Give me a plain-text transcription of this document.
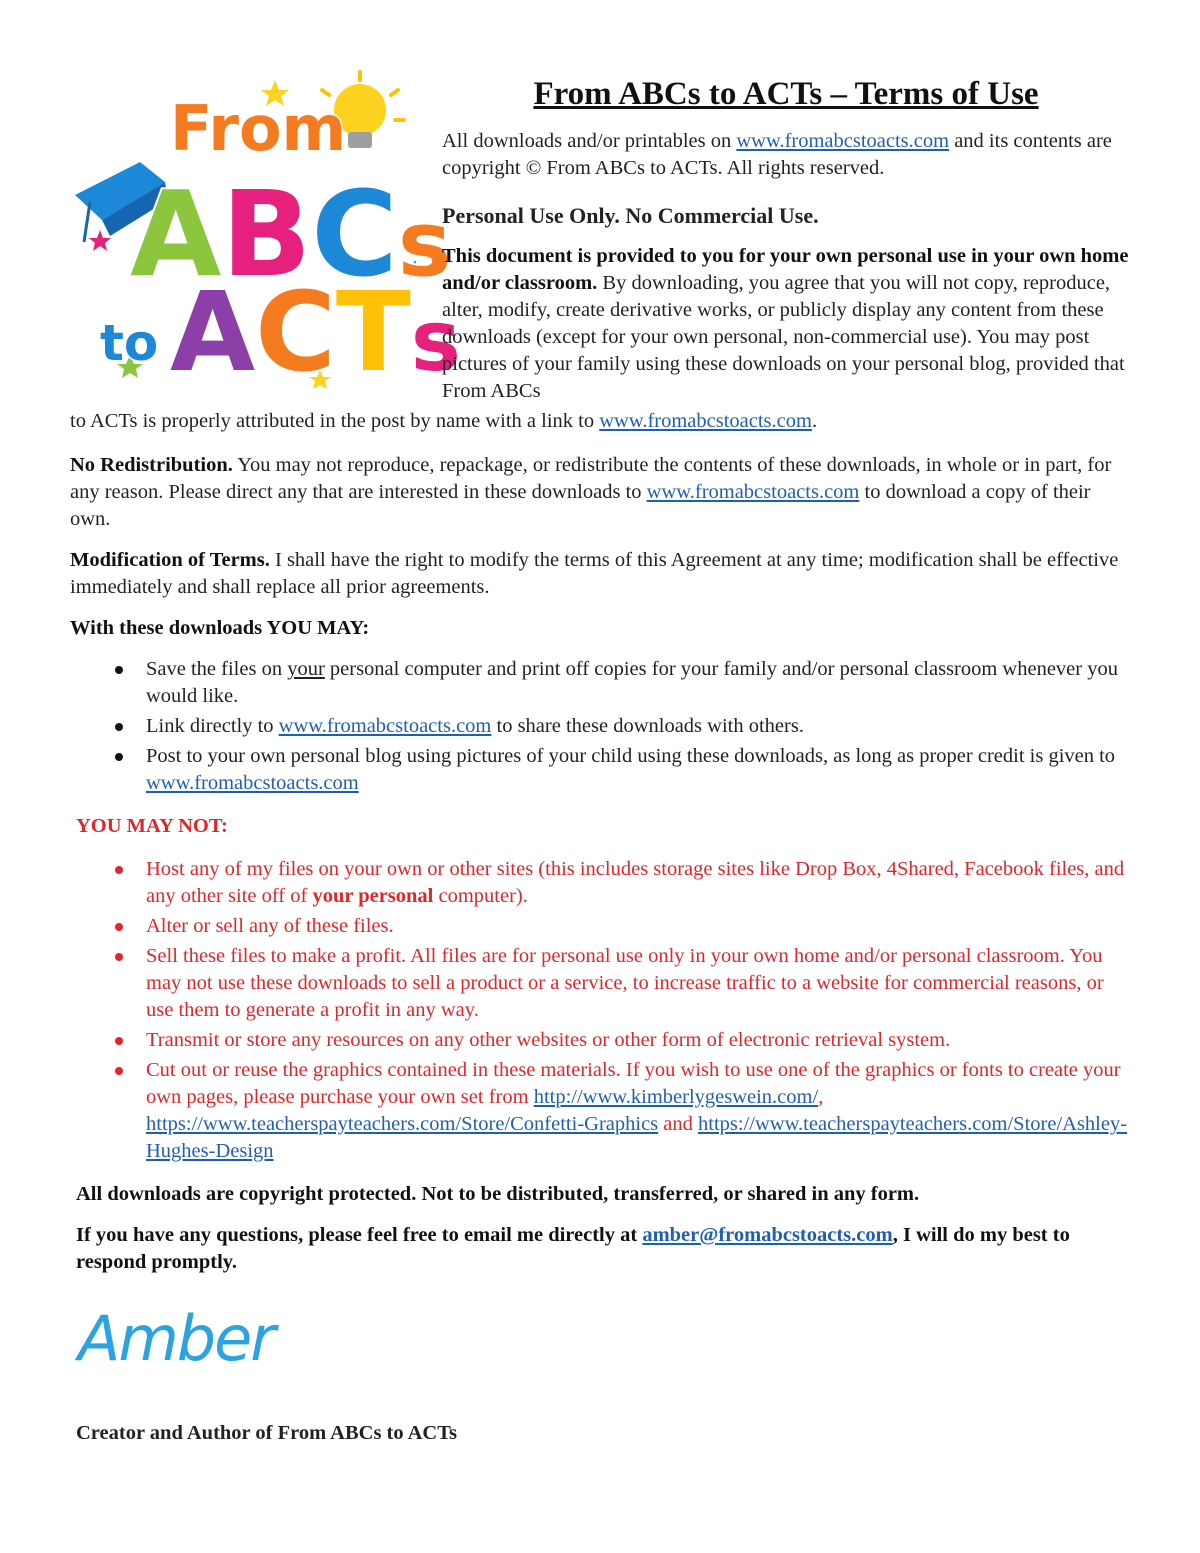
From
ABCs
to ACTs
From ABCs to ACTs – Terms of Use

All downloads and/or printables on www.fromabcstoacts.com and its contents are copyright © From ABCs to ACTs. All rights reserved.

Personal Use Only. No Commercial Use.

This document is provided to you for your own personal use in your own home and/or classroom. By downloading, you agree that you will not copy, reproduce, alter, modify, create derivative works, or publicly display any content from these downloads (except for your own personal, non-commercial use). You may post pictures of your family using these downloads on your personal blog, provided that From ABCs

to ACTs is properly attributed in the post by name with a link to www.fromabcstoacts.com.

No Redistribution. You may not reproduce, repackage, or redistribute the contents of these downloads, in whole or in part, for any reason. Please direct any that are interested in these downloads to www.fromabcstoacts.com to download a copy of their own.

Modification of Terms. I shall have the right to modify the terms of this Agreement at any time; modification shall be effective immediately and shall replace all prior agreements.

With these downloads YOU MAY:

Save the files on your personal computer and print off copies for your family and/or personal classroom whenever you would like.
Link directly to www.fromabcstoacts.com to share these downloads with others.
Post to your own personal blog using pictures of your child using these downloads, as long as proper credit is given to www.fromabcstoacts.com

YOU MAY NOT:

Host any of my files on your own or other sites (this includes storage sites like Drop Box, 4Shared, Facebook files, and any other site off of your personal computer).
Alter or sell any of these files.
Sell these files to make a profit. All files are for personal use only in your own home and/or personal classroom. You may not use these downloads to sell a product or a service, to increase traffic to a website for commercial reasons, or use them to generate a profit in any way.
Transmit or store any resources on any other websites or other form of electronic retrieval system.
Cut out or reuse the graphics contained in these materials. If you wish to use one of the graphics or fonts to create your own pages, please purchase your own set from http://www.kimberlygeswein.com/, https://www.teacherspayteachers.com/Store/Confetti-Graphics and https://www.teacherspayteachers.com/Store/Ashley-Hughes-Design

All downloads are copyright protected. Not to be distributed, transferred, or shared in any form.

If you have any questions, please feel free to email me directly at amber@fromabcstoacts.com, I will do my best to respond promptly.

Amber
Creator and Author of From ABCs to ACTs
